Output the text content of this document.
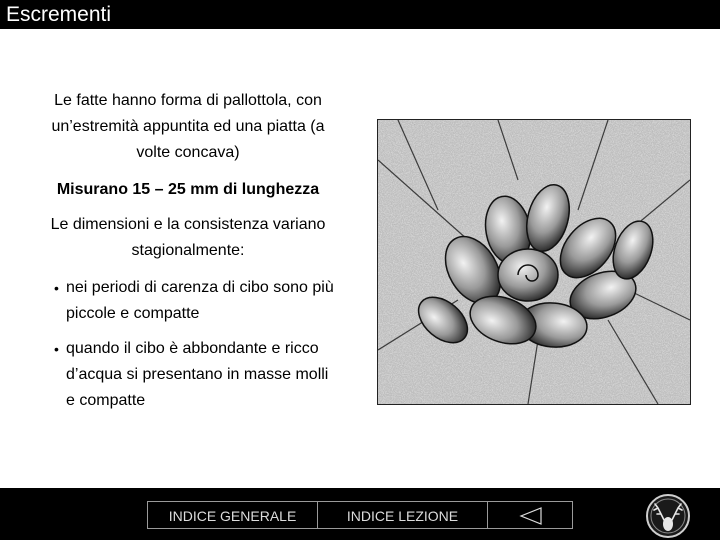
Escrementi

Le fatte hanno forma di pallottola, con un’estremità appuntita ed una piatta (a volte concava)

Misurano 15 – 25 mm di lunghezza

Le dimensioni e la consistenza variano stagionalmente:

• nei periodi di carenza di cibo sono più piccole e compatte
• quando il cibo è abbondante e ricco d’acqua si presentano in masse molli e compatte
INDICE GENERALE	INDICE LEZIONE
